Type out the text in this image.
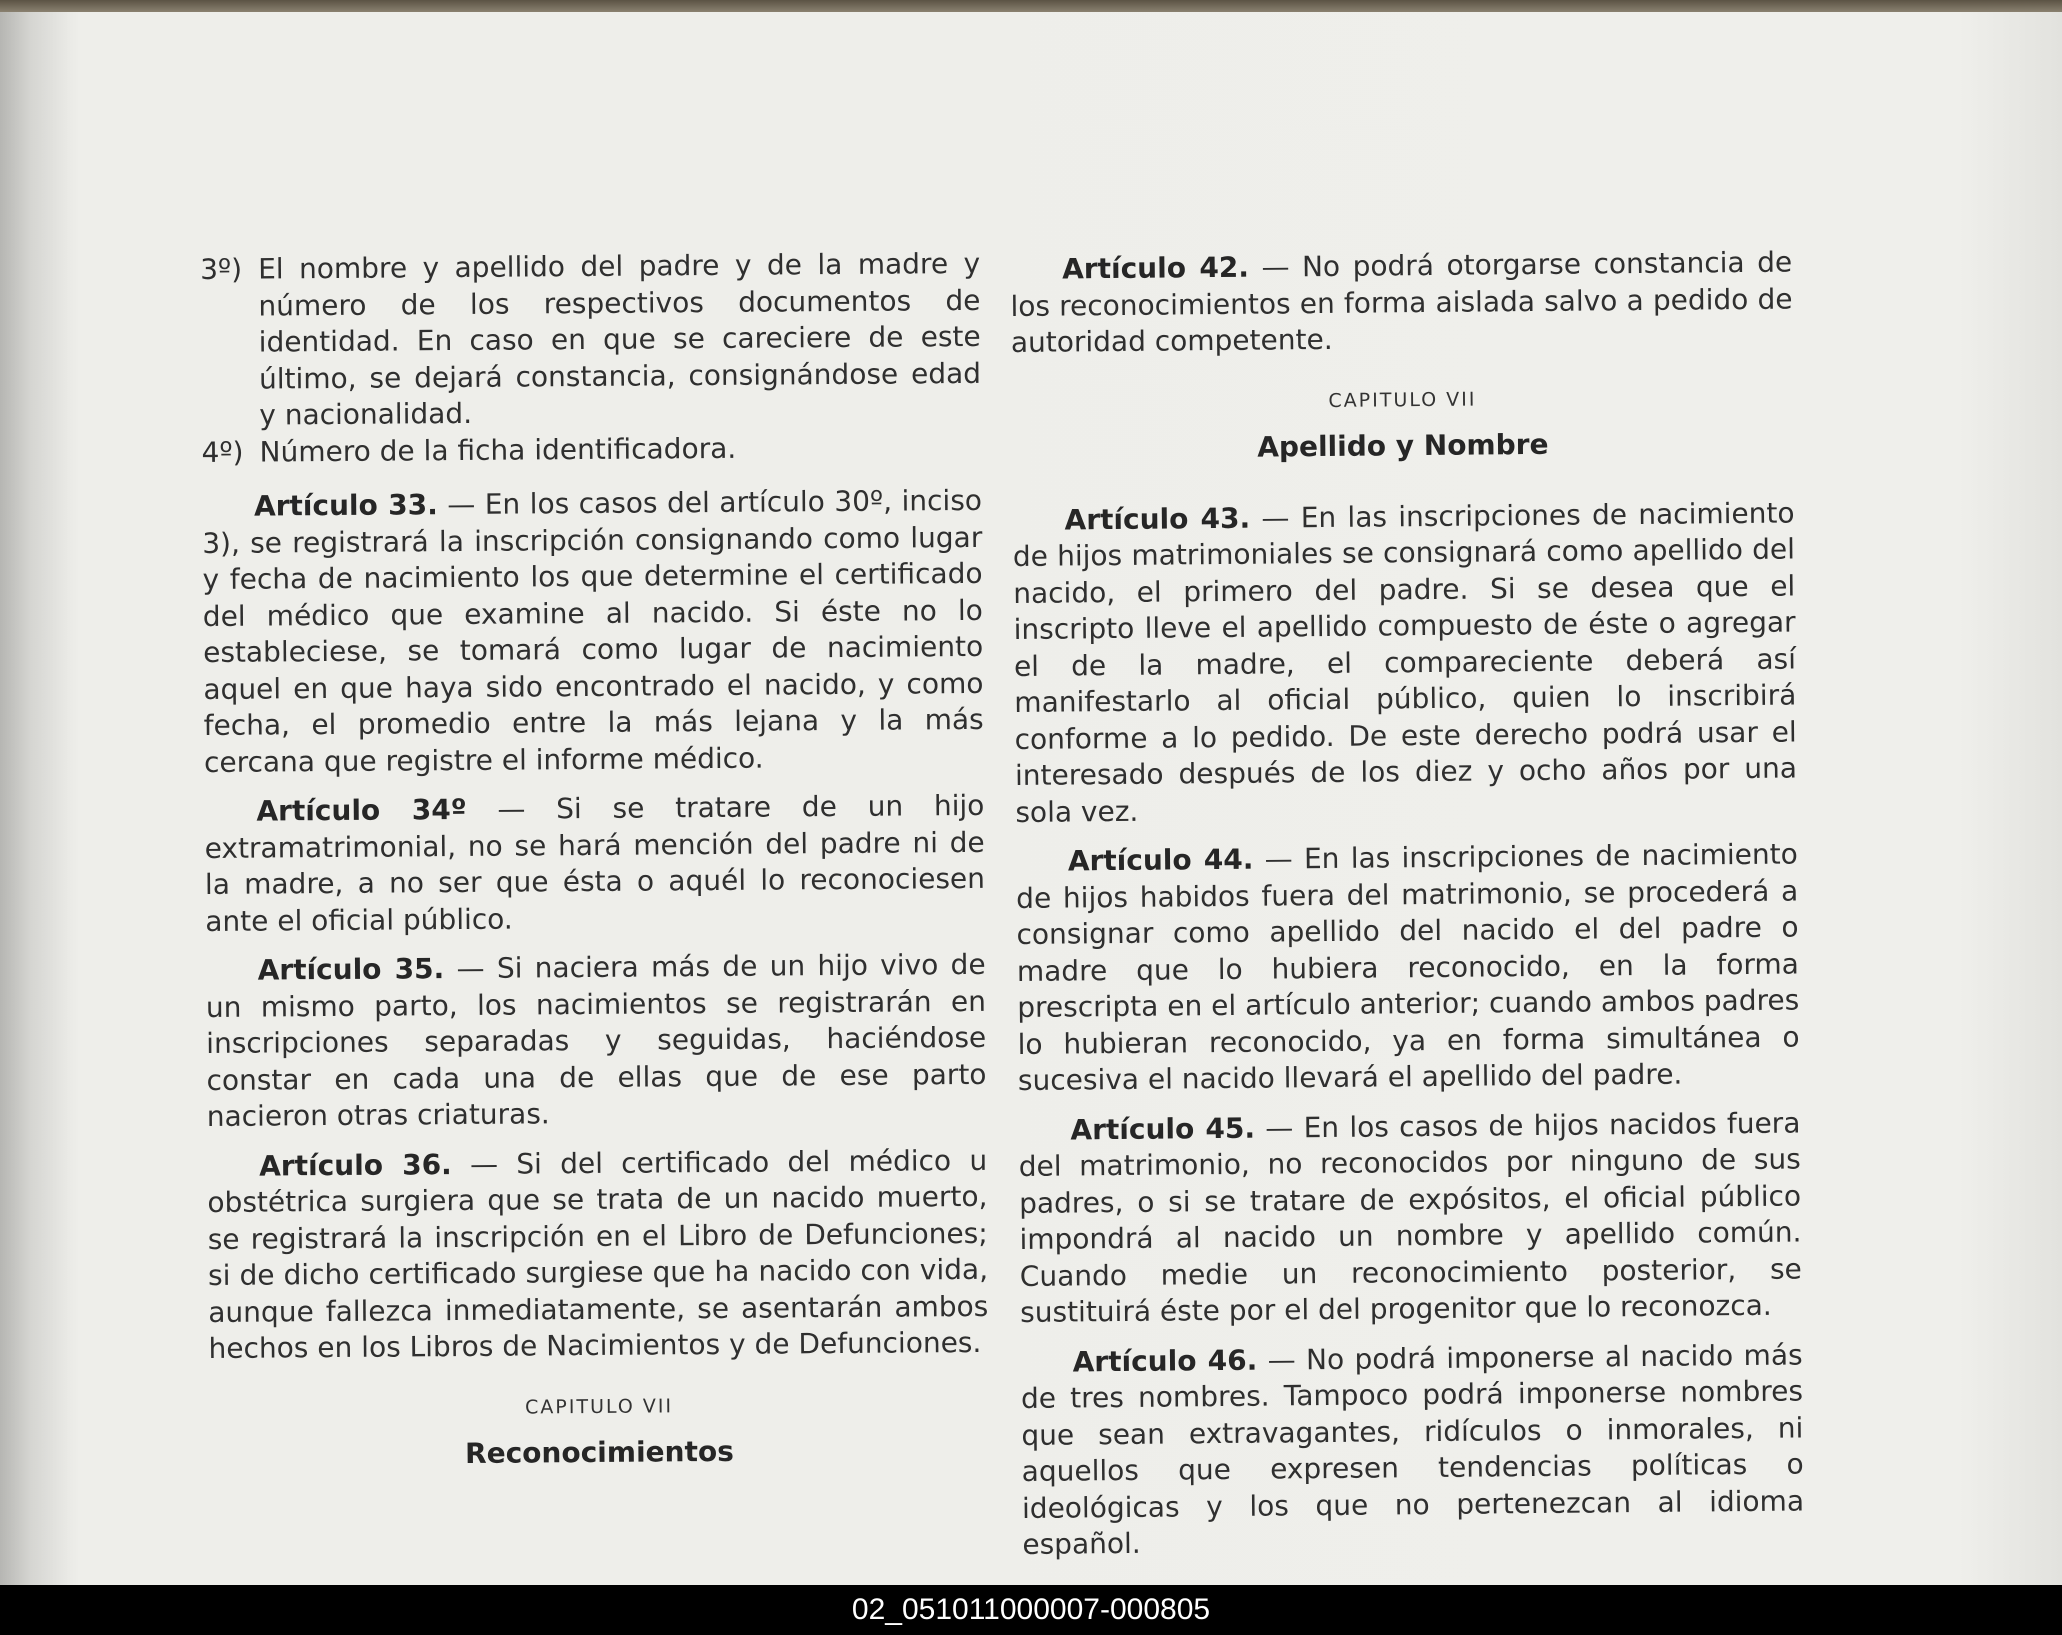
3º) El nombre y apellido del padre y de la madre y número de los respectivos documentos de identidad. En caso en que se careciere de este último, se dejará constancia, consignándose edad y nacionalidad.
4º) Número de la ficha identificadora.

Artículo 33. — En los casos del artículo 30º, inciso 3), se registrará la inscripción consignando como lugar y fecha de nacimiento los que determine el certificado del médico que examine al nacido. Si éste no lo estableciese, se tomará como lugar de nacimiento aquel en que haya sido encontrado el nacido, y como fecha, el promedio entre la más lejana y la más cercana que registre el informe médico.

Artículo 34º — Si se tratare de un hijo extramatrimonial, no se hará mención del padre ni de la madre, a no ser que ésta o aquél lo reconociesen ante el oficial público.

Artículo 35. — Si naciera más de un hijo vivo de un mismo parto, los nacimientos se registrarán en inscripciones separadas y seguidas, haciéndose constar en cada una de ellas que de ese parto nacieron otras criaturas.

Artículo 36. — Si del certificado del médico u obstétrica surgiera que se trata de un nacido muerto, se registrará la inscripción en el Libro de Defunciones; si de dicho certificado surgiese que ha nacido con vida, aunque fallezca inmediatamente, se asentarán ambos hechos en los Libros de Nacimientos y de Defunciones.

CAPITULO VII
Reconocimientos

Artículo 42. — No podrá otorgarse constancia de los reconocimientos en forma aislada salvo a pedido de autoridad competente.

CAPITULO VII
Apellido y Nombre

Artículo 43. — En las inscripciones de nacimiento de hijos matrimoniales se consignará como apellido del nacido, el primero del padre. Si se desea que el inscripto lleve el apellido compuesto de éste o agregar el de la madre, el compareciente deberá así manifestarlo al oficial público, quien lo inscribirá conforme a lo pedido. De este derecho podrá usar el interesado después de los diez y ocho años por una sola vez.

Artículo 44. — En las inscripciones de nacimiento de hijos habidos fuera del matrimonio, se procederá a consignar como apellido del nacido el del padre o madre que lo hubiera reconocido, en la forma prescripta en el artículo anterior; cuando ambos padres lo hubieran reconocido, ya en forma simultánea o sucesiva el nacido llevará el apellido del padre.

Artículo 45. — En los casos de hijos nacidos fuera del matrimonio, no reconocidos por ninguno de sus padres, o si se tratare de expósitos, el oficial público impondrá al nacido un nombre y apellido común. Cuando medie un reconocimiento posterior, se sustituirá éste por el del progenitor que lo reconozca.

Artículo 46. — No podrá imponerse al nacido más de tres nombres. Tampoco podrá imponerse nombres que sean extravagantes, ridículos o inmorales, ni aquellos que expresen tendencias políticas o ideológicas y los que no pertenezcan al idioma español.

02_051011000007-000805
